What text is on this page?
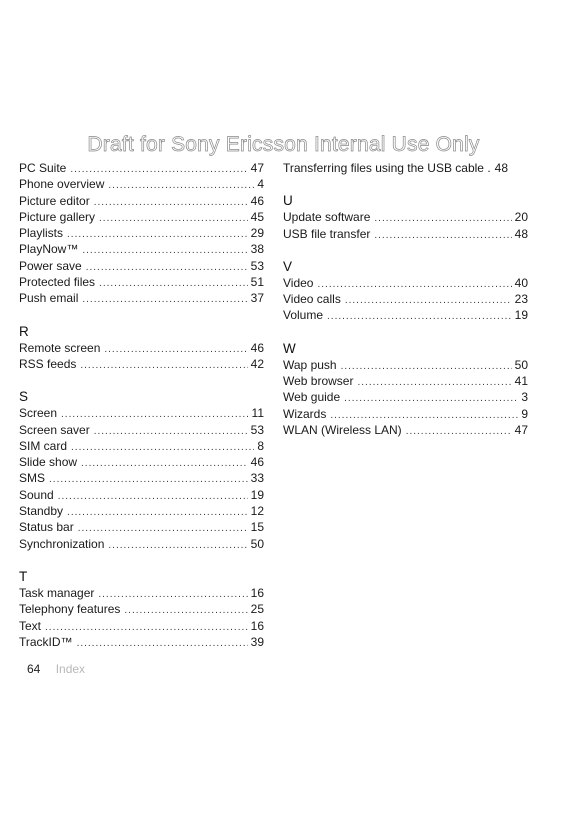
Draft for Sony Ericsson Internal Use Only
PC Suite .....	47
Phone overview .....	4
Picture editor .....	46
Picture gallery .....	45
Playlists .....	29
PlayNow™ .....	38
Power save .....	53
Protected files .....	51
Push email .....	37
R
Remote screen .....	46
RSS feeds .....	42
S
Screen .....	11
Screen saver .....	53
SIM card .....	8
Slide show .....	46
SMS .....	33
Sound .....	19
Standby .....	12
Status bar .....	15
Synchronization .....	50
T
Task manager .....	16
Telephony features .....	25
Text .....	16
TrackID™ .....	39
Transferring files using the USB cable . 48
U
Update software .....	20
USB file transfer .....	48
V
Video .....	40
Video calls .....	23
Volume .....	19
W
Wap push .....	50
Web browser .....	41
Web guide .....	3
Wizards .....	9
WLAN (Wireless LAN) .....	47
64 Index
